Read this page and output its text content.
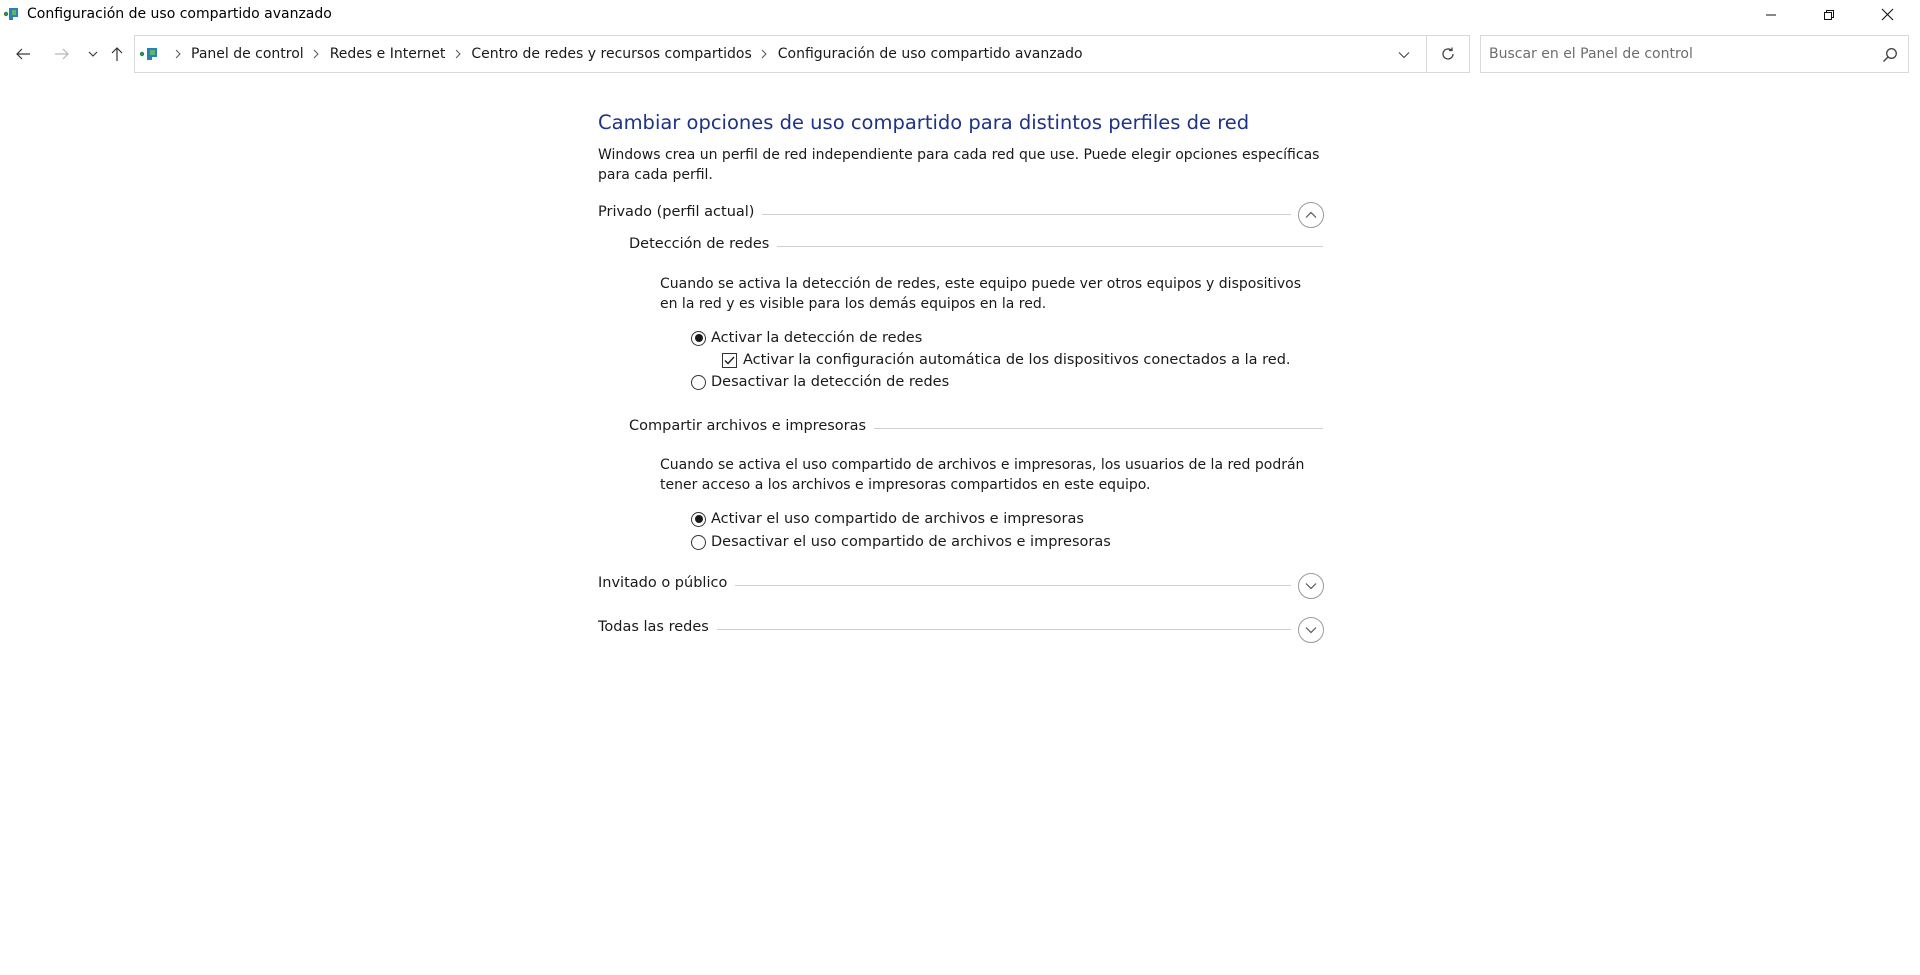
Configuración de uso compartido avanzado
Panel de control Redes e Internet Centro de redes y recursos compartidos Configuración de uso compartido avanzado
Buscar en el Panel de control
Cambiar opciones de uso compartido para distintos perfiles de red

Windows crea un perfil de red independiente para cada red que use. Puede elegir opciones específicas para cada perfil.

Privado (perfil actual)
Detección de redes

Cuando se activa la detección de redes, este equipo puede ver otros equipos y dispositivos en la red y es visible para los demás equipos en la red.

Activar la detección de redes
Activar la configuración automática de los dispositivos conectados a la red.
Desactivar la detección de redes
Compartir archivos e impresoras

Cuando se activa el uso compartido de archivos e impresoras, los usuarios de la red podrán tener acceso a los archivos e impresoras compartidos en este equipo.

Activar el uso compartido de archivos e impresoras
Desactivar el uso compartido de archivos e impresoras
Invitado o público
Todas las redes
